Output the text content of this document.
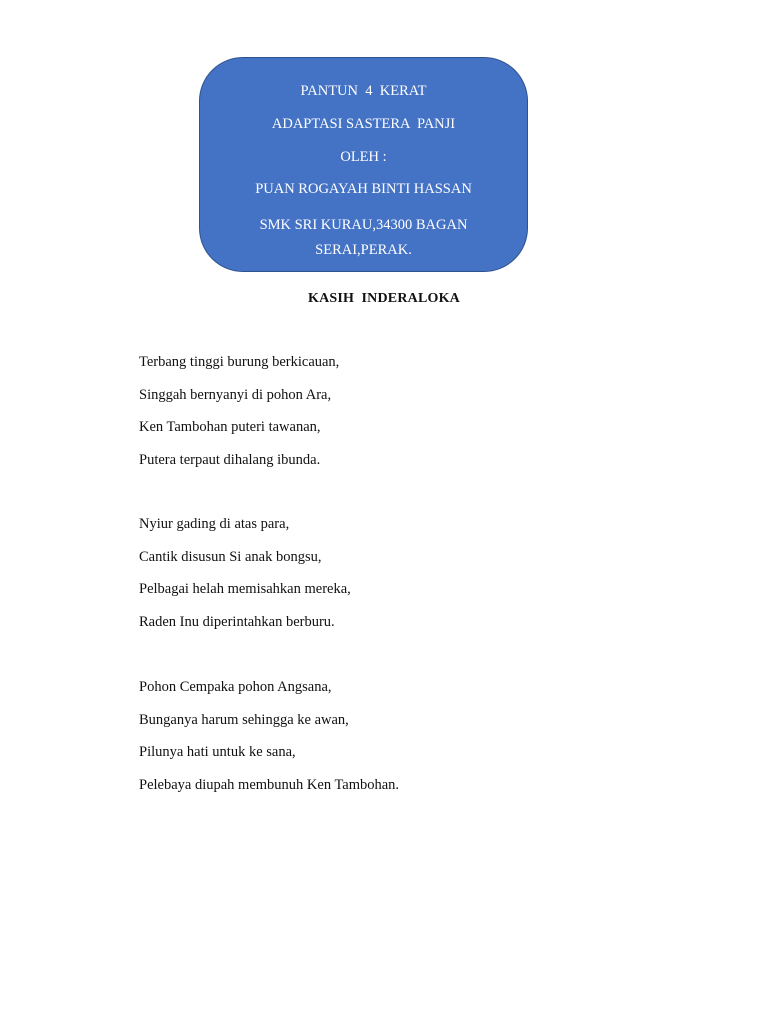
PANTUN  4  KERAT
ADAPTASI SASTERA  PANJI
OLEH :
PUAN ROGAYAH BINTI HASSAN
SMK SRI KURAU,34300 BAGAN SERAI,PERAK.
KASIH  INDERALOKA
Terbang tinggi burung berkicauan,
Singgah bernyanyi di pohon Ara,
Ken Tambohan puteri tawanan,
Putera terpaut dihalang ibunda.
Nyiur gading di atas para,
Cantik disusun Si anak bongsu,
Pelbagai helah memisahkan mereka,
Raden Inu diperintahkan berburu.
Pohon Cempaka pohon Angsana,
Bunganya harum sehingga ke awan,
Pilunya hati untuk ke sana,
Pelebaya diupah membunuh Ken Tambohan.
